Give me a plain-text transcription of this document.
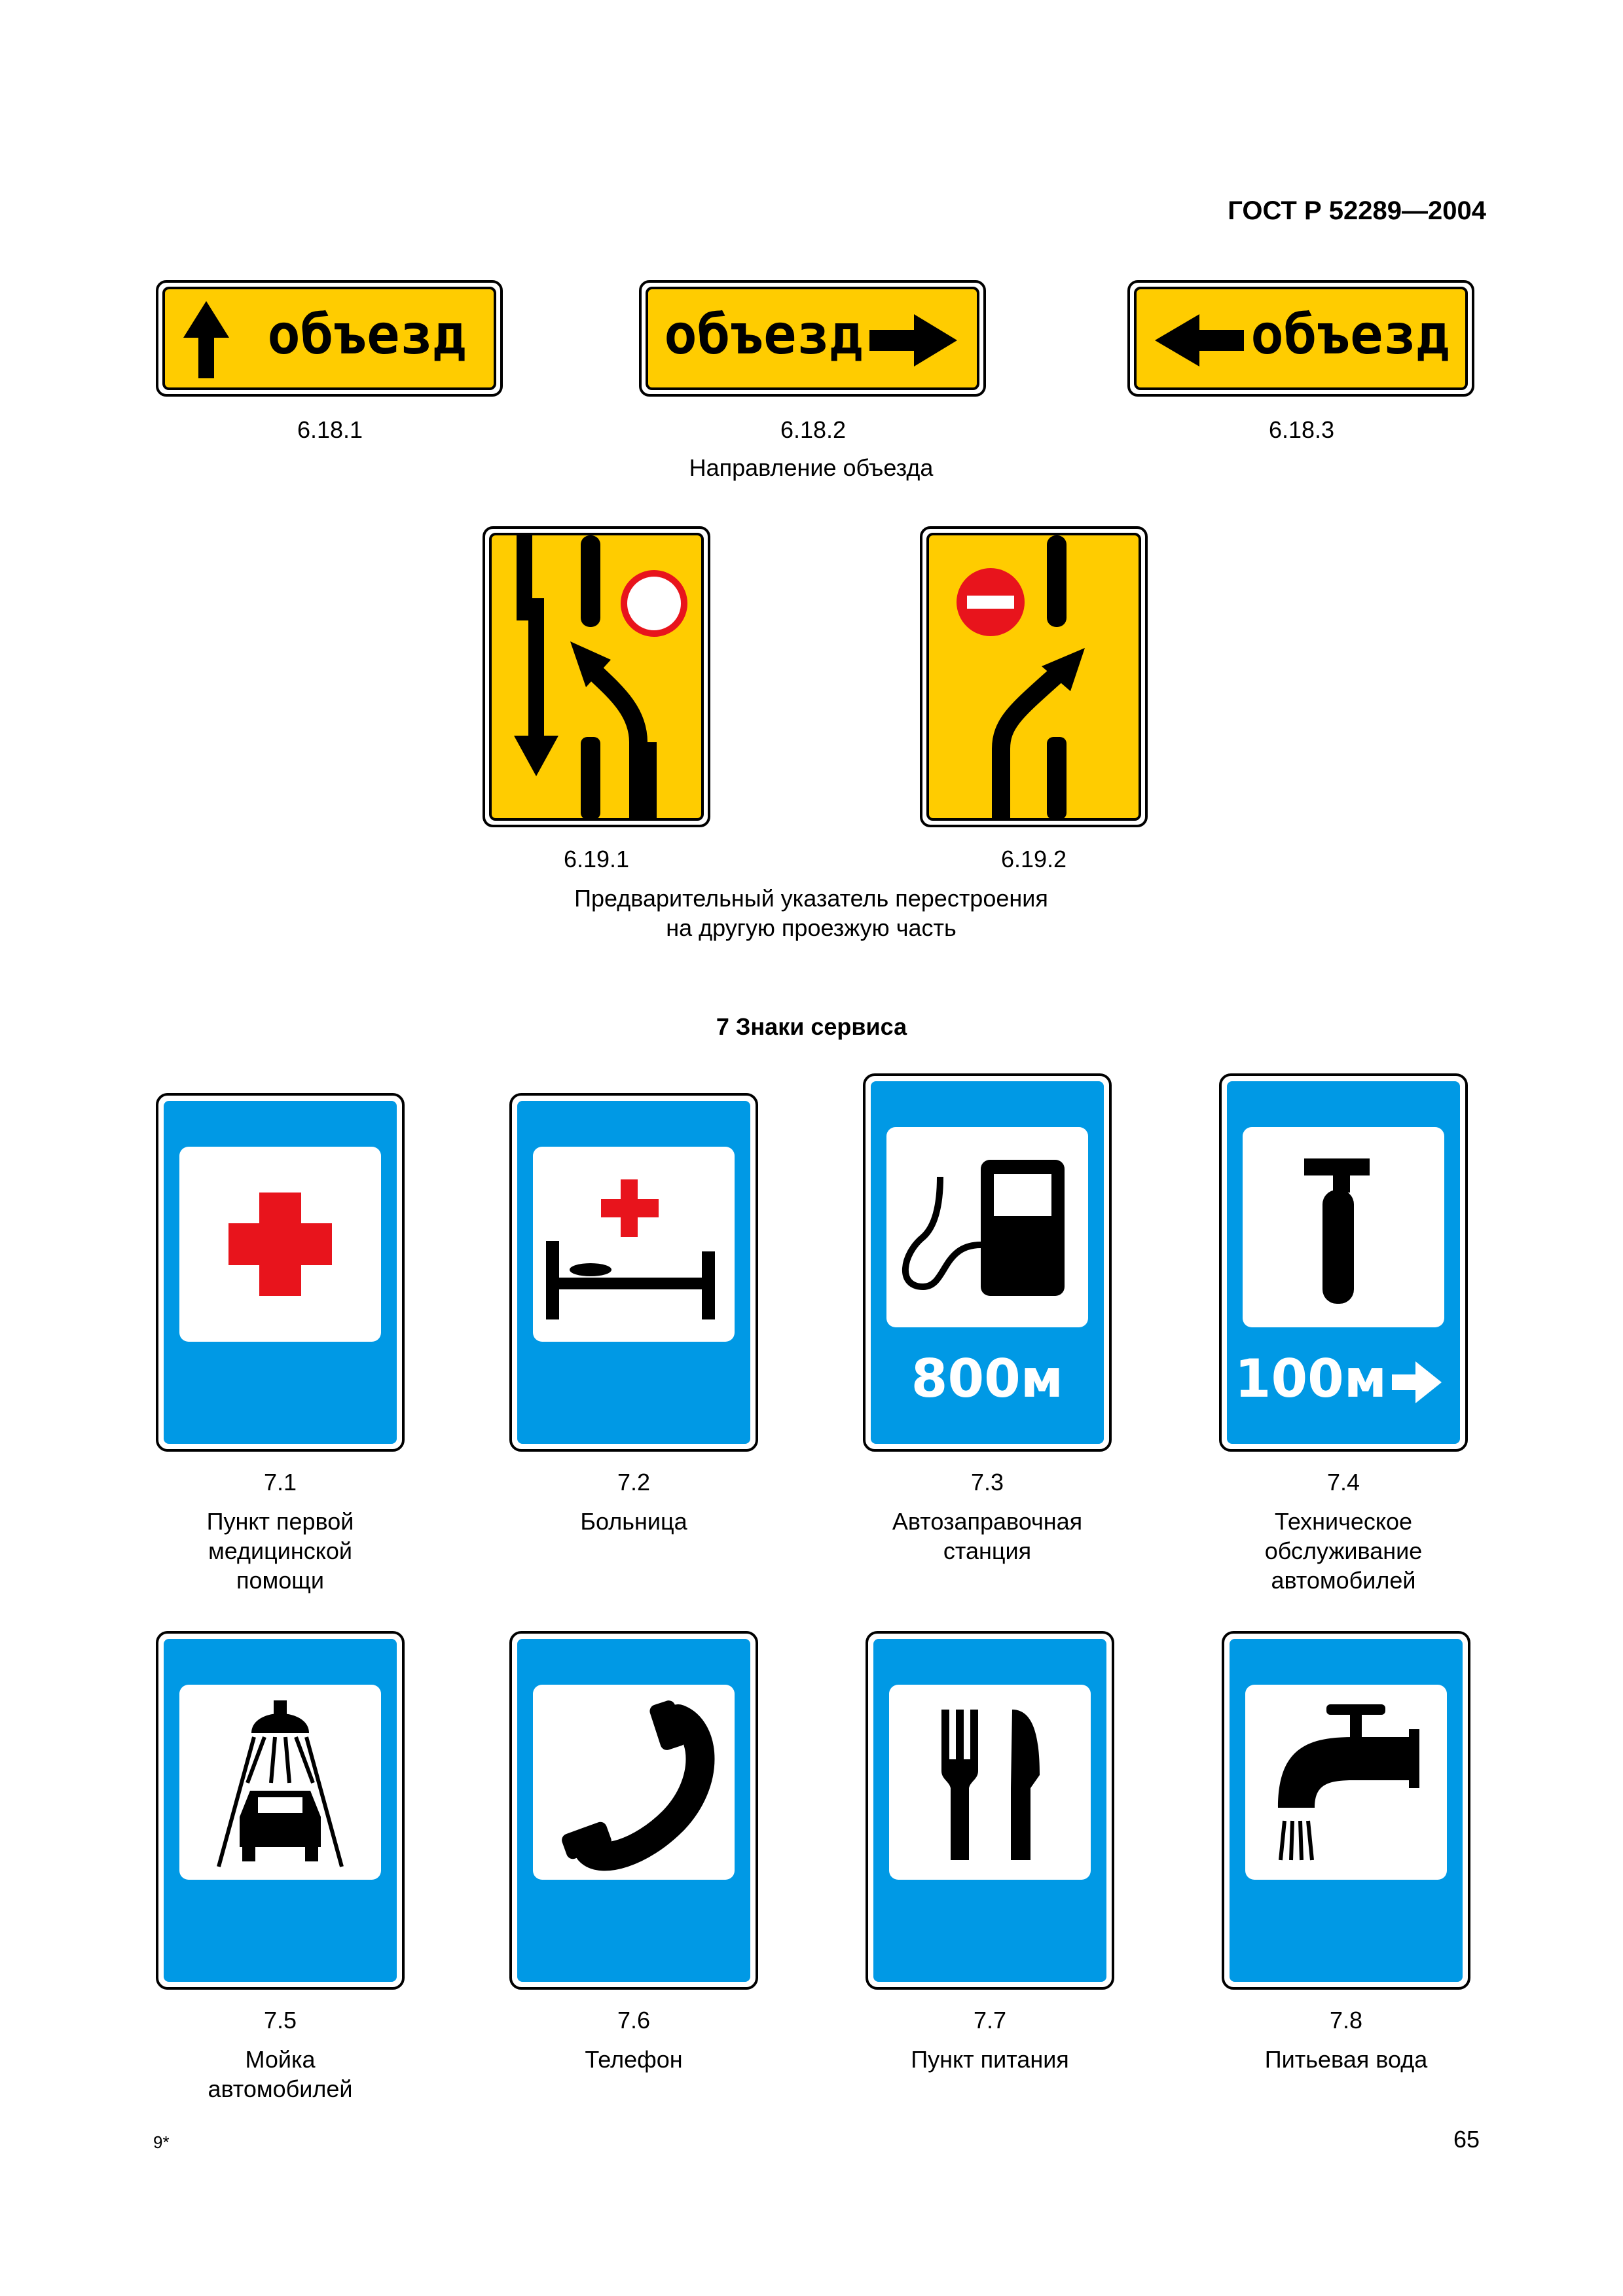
ГОСТ Р 52289—2004
объезд	объезд	объезд
6.18.1	6.18.2	6.18.3
Направление объезда
6.19.1	6.19.2
Предварительный указатель перестроения
на другую проезжую часть
7 Знаки сервиса
800м	100м
7.1	7.2	7.3	7.4
Пункт первой
медицинской
помощи
Больница	Автозаправочная
станция
Техническое
обслуживание
автомобилей
7.5	7.6	7.7	7.8
Мойка
автомобилей
Телефон	Пункт питания	Питьевая вода
9*	65
